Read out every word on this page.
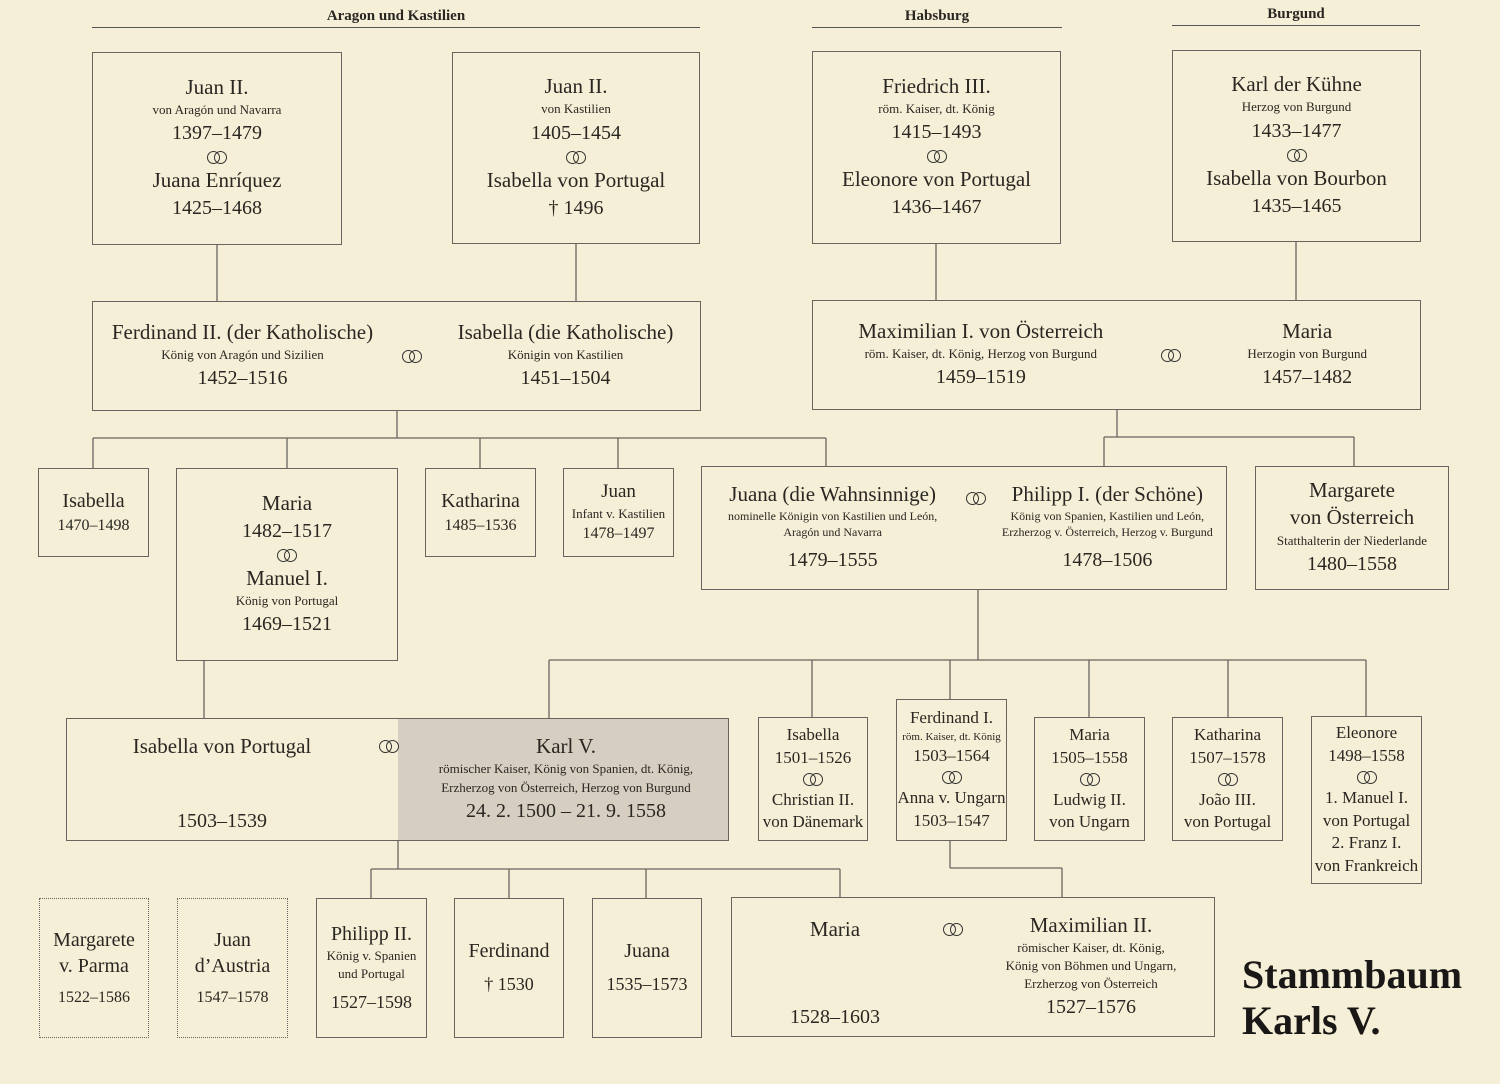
Aragon und Kastilien	Habsburg	Burgund
Juan II.
von Aragón und Navarra
1397–1479
Juana Enríquez
1425–1468
Juan II.
von Kastilien
1405–1454
Isabella von Portugal
† 1496
Friedrich III.
röm. Kaiser, dt. König
1415–1493
Eleonore von Portugal
1436–1467
Karl der Kühne
Herzog von Burgund
1433–1477
Isabella von Bourbon
1435–1465
Ferdinand II. (der Katholische)
König von Aragón und Sizilien
1452–1516
Isabella (die Katholische)
Königin von Kastilien
1451–1504
Maximilian I. von Österreich
röm. Kaiser, dt. König, Herzog von Burgund
1459–1519
Maria
Herzogin von Burgund
1457–1482
Isabella
1470–1498
Maria
1482–1517
Manuel I.
König von Portugal
1469–1521
Katharina
1485–1536
Juan
Infant v. Kastilien
1478–1497
Juana (die Wahnsinnige)
nominelle Königin von Kastilien und León,
Aragón und Navarra
1479–1555
Philipp I. (der Schöne)
König von Spanien, Kastilien und León,
Erzherzog v. Österreich, Herzog v. Burgund
1478–1506
Margarete
von Österreich
Statthalterin der Niederlande
1480–1558
Isabella von Portugal
1503–1539
Karl V.
römischer Kaiser, König von Spanien, dt. König,
Erzherzog von Österreich, Herzog von Burgund
24. 2. 1500 – 21. 9. 1558
Isabella
1501–1526
Christian II.
von Dänemark
Ferdinand I.
röm. Kaiser, dt. König
1503–1564
Anna v. Ungarn
1503–1547
Maria
1505–1558
Ludwig II.
von Ungarn
Katharina
1507–1578
João III.
von Portugal
Eleonore
1498–1558
1. Manuel I.
von Portugal
2. Franz I.
von Frankreich
Margarete
v. Parma
1522–1586
Juan
d’Austria
1547–1578
Philipp II.
König v. Spanien
und Portugal
1527–1598
Ferdinand
† 1530
Juana
1535–1573
Maria
1528–1603
Maximilian II.
römischer Kaiser, dt. König,
König von Böhmen und Ungarn,
Erzherzog von Österreich
1527–1576
Stammbaum
Karls V.
